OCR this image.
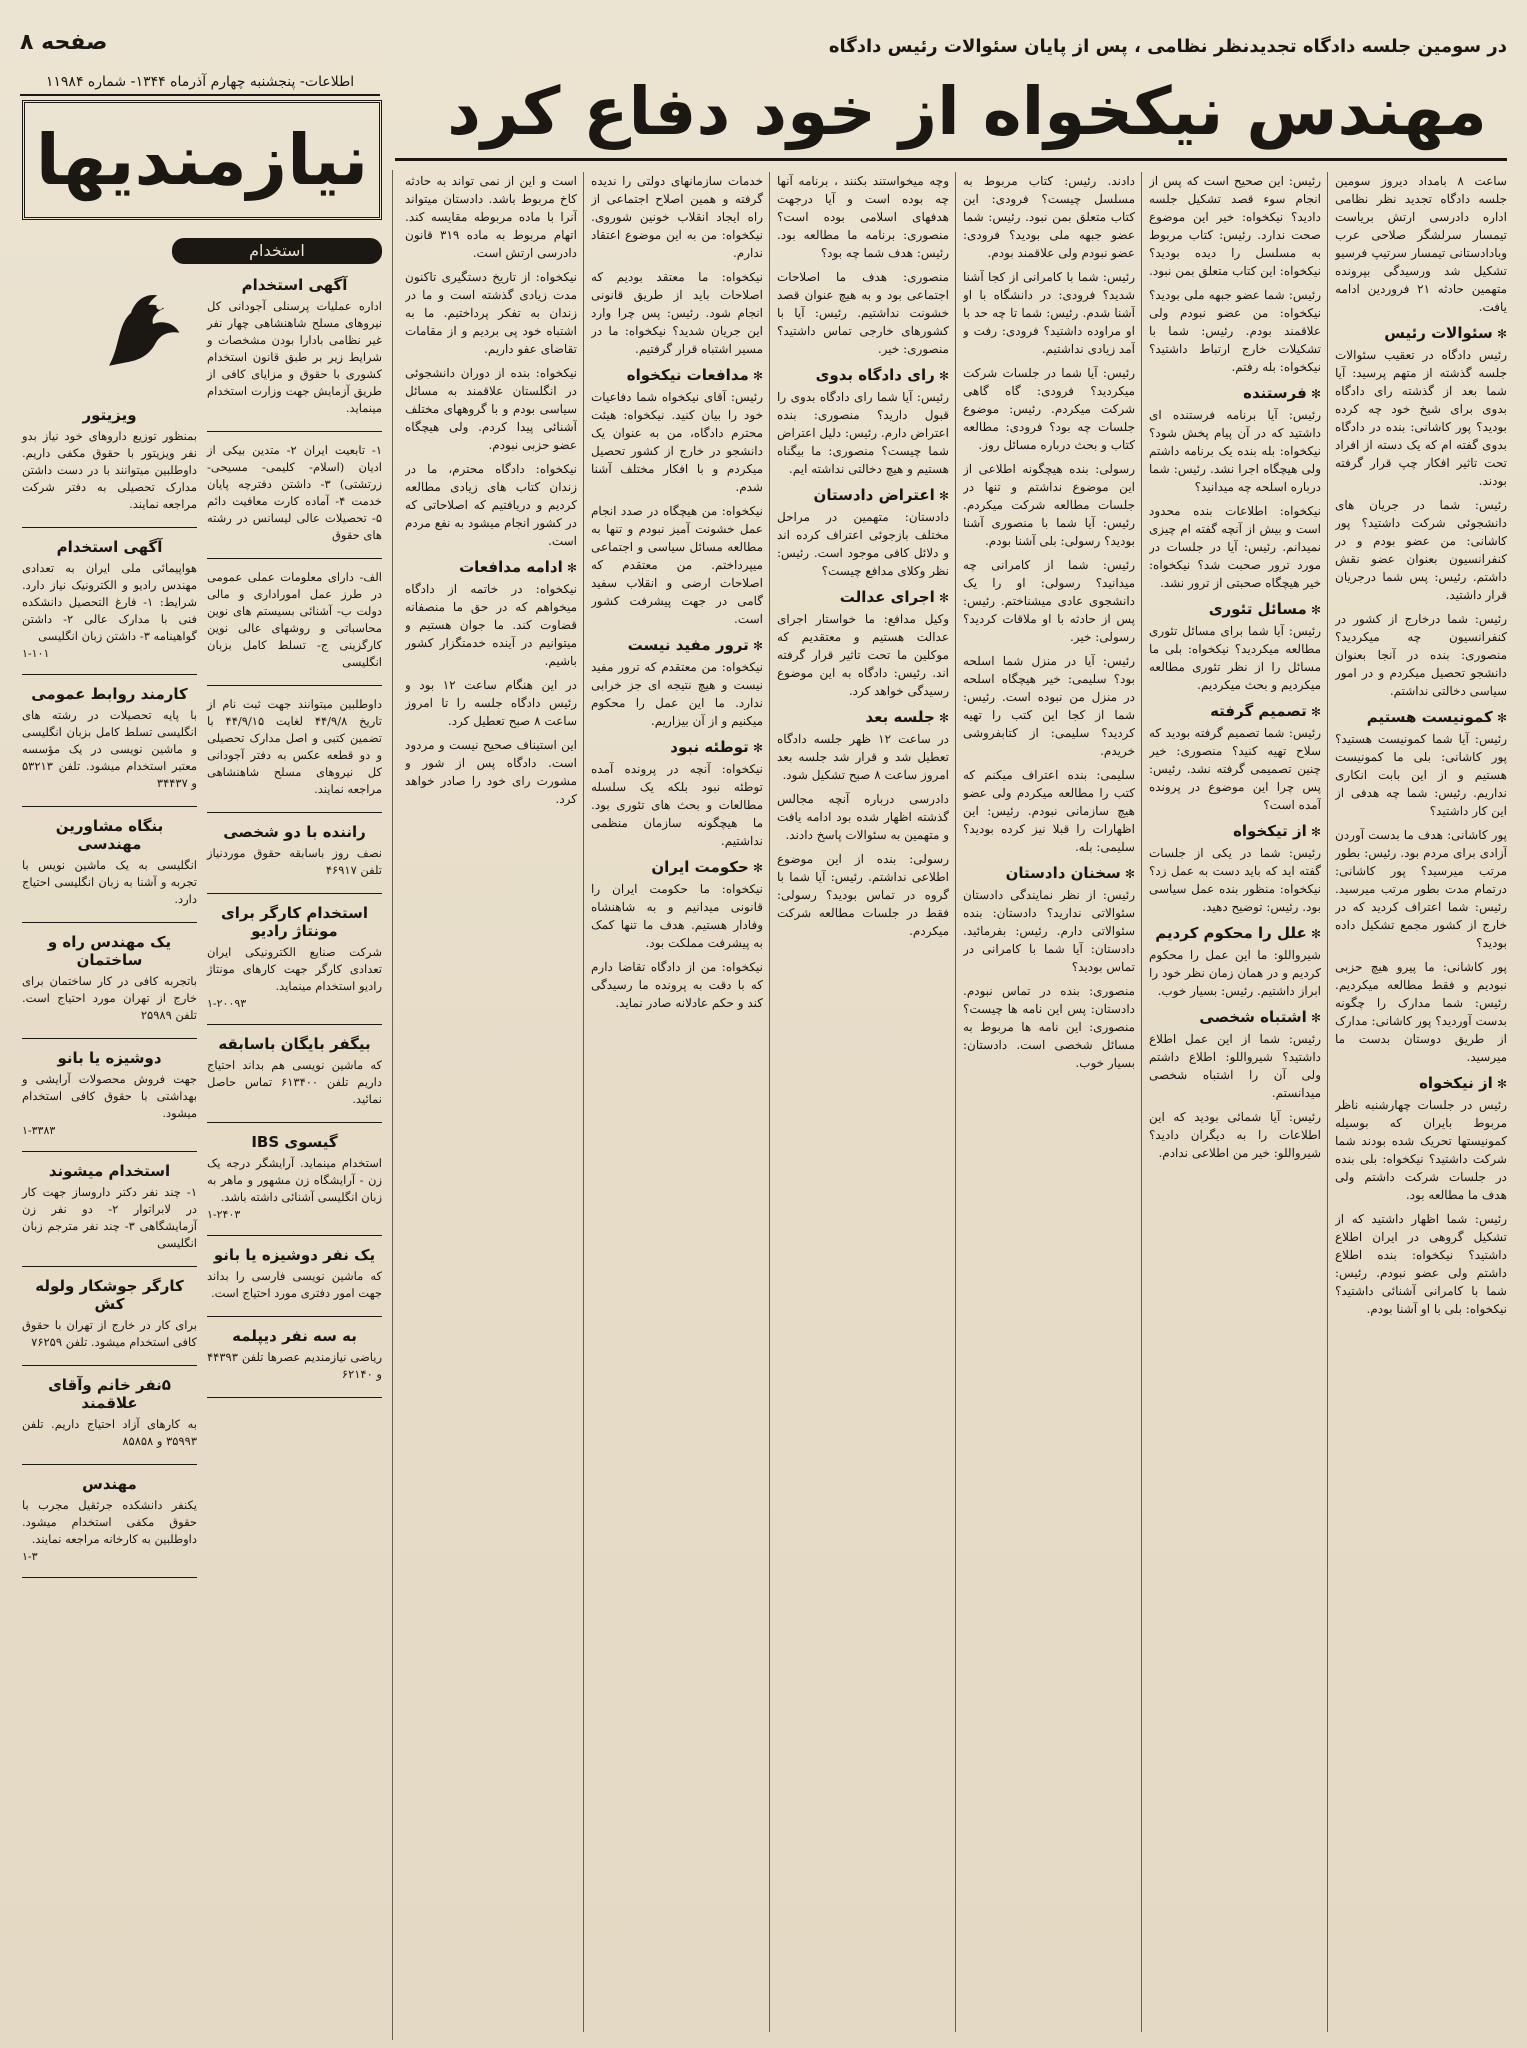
صفحه ۸
اطلاعات- پنجشنبه چهارم آذرماه ۱۳۴۴- شماره ۱۱۹۸۴
در سومین جلسه دادگاه تجدیدنظر نظامی ، پس از پایان سئوالات رئیس دادگاه
مهندس نیکخواه از خود دفاع کرد
نیازمندیها
استخدام
آگهی استخدام
اداره عملیات پرسنلی آجودانی کل نیروهای مسلح شاهنشاهی چهار نفر غیر نظامی بادارا بودن مشخصات و شرایط زیر بر طبق قانون استخدام کشوری با حقوق و مزایای کافی از طریق آزمایش جهت وزارت استخدام مینماید.
۱- تابعیت ایران ۲- متدین بیکی از ادیان (اسلام- کلیمی- مسیحی- زرتشتی) ۳- داشتن دفترچه پایان خدمت ۴- آماده کارت معافیت دائم ۵- تحصیلات عالی لیسانس در رشته های حقوق
الف- دارای معلومات عملی عمومی در طرز عمل اموراداری و مالی دولت ب- آشنائی بسیستم های نوین محاسباتی و روشهای عالی نوین کارگزینی ج- تسلط کامل بزبان انگلیسی
داوطلبین میتوانند جهت ثبت نام از تاریخ ۴۴/۹/۸ لغایت ۴۴/۹/۱۵ با تضمین کتبی و اصل مدارک تحصیلی و دو قطعه عکس به دفتر آجودانی کل نیروهای مسلح شاهنشاهی مراجعه نمایند.
راننده با دو شخصی
نصف روز باسابقه حقوق موردنیاز تلفن ۴۶۹۱۷
استخدام کارگر برای مونتاژ رادیو
شرکت صنایع الکترونیکی ایران تعدادی کارگر جهت کارهای مونتاژ رادیو استخدام مینماید.
۱-۲۰۰۹۳
بیگفر بایگان باسابقه
که ماشین نویسی هم بداند احتیاج داریم تلفن ۶۱۳۴۰۰ تماس حاصل نمائید.
گیسوی IBS
استخدام مینماید. آرایشگر درجه یک زن - آرایشگاه زن مشهور و ماهر به زبان انگلیسی آشنائی داشته باشد.
۱-۲۴۰۳
یک نفر دوشیزه یا بانو
که ماشین نویسی فارسی را بداند جهت امور دفتری مورد احتیاج است.
به سه نفر دیپلمه
ریاضی نیازمندیم عصرها تلفن ۴۴۳۹۳ و ۶۲۱۴۰
ویزیتور
بمنظور توزیع داروهای خود نیاز بدو نفر ویزیتور با حقوق مکفی داریم. داوطلبین میتوانند با در دست داشتن مدارک تحصیلی به دفتر شرکت مراجعه نمایند.
آگهی استخدام
هواپیمائی ملی ایران به تعدادی مهندس رادیو و الکترونیک نیاز دارد. شرایط: ۱- فارغ التحصیل دانشکده فنی با مدارک عالی ۲- داشتن گواهینامه ۳- داشتن زبان انگلیسی
۱-۱۰۱
کارمند روابط عمومی
با پایه تحصیلات در رشته های انگلیسی تسلط کامل بزبان انگلیسی و ماشین نویسی در یک مؤسسه معتبر استخدام میشود. تلفن ۵۳۲۱۳ و ۳۴۴۳۷
بنگاه مشاورین مهندسی
انگلیسی به یک ماشین نویس با تجربه و آشنا به زبان انگلیسی احتیاج دارد.
یک مهندس راه و ساختمان
باتجربه کافی در کار ساختمان برای خارج از تهران مورد احتیاج است. تلفن ۲۵۹۸۹
دوشیزه یا بانو
جهت فروش محصولات آرایشی و بهداشتی با حقوق کافی استخدام میشود.
۱-۳۳۸۳
استخدام میشوند
۱- چند نفر دکتر داروساز جهت کار در لابراتوار ۲- دو نفر زن آزمایشگاهی ۳- چند نفر مترجم زبان انگلیسی
کارگر جوشکار ولوله کش
برای کار در خارج از تهران با حقوق کافی استخدام میشود. تلفن ۷۶۲۵۹
۵نفر خانم وآقای علاقمند
به کارهای آزاد احتیاج داریم. تلفن ۳۵۹۹۳ و ۸۵۸۵۸
مهندس
یکنفر دانشکده جرثقیل مجرب با حقوق مکفی استخدام میشود. داوطلبین به کارخانه مراجعه نمایند.
۱-۳
ساعت ۸ بامداد دیروز سومین جلسه دادگاه تجدید نظر نظامی اداره دادرسی ارتش بریاست تیمسار سرلشگر صلاحی عرب وبادادستانی تیمسار سرتیپ فرسیو تشکیل شد ورسیدگی بپرونده متهمین حادثه ۲۱ فروردین ادامه یافت.
✻ سئوالات رئیس
رئیس دادگاه در تعقیب سئوالات جلسه گذشته از متهم پرسید: آیا شما بعد از گذشته رای دادگاه بدوی برای شیخ خود چه کرده بودید؟ پور کاشانی: بنده در دادگاه بدوی گفته ام که یک دسته از افراد تحت تاثیر افکار چپ قرار گرفته بودند.
رئیس: شما در جریان های دانشجوئی شرکت داشتید؟ پور کاشانی: من عضو بودم و در کنفرانسیون بعنوان عضو نقش داشتم. رئیس: پس شما درجریان قرار داشتید.
رئیس: شما درخارج از کشور در کنفرانسیون چه میکردید؟ منصوری: بنده در آنجا بعنوان دانشجو تحصیل میکردم و در امور سیاسی دخالتی نداشتم.
✻ کمونیست هستیم
رئیس: آیا شما کمونیست هستید؟ پور کاشانی: بلی ما کمونیست هستیم و از این بابت انکاری نداریم. رئیس: شما چه هدفی از این کار داشتید؟
پور کاشانی: هدف ما بدست آوردن آزادی برای مردم بود. رئیس: بطور مرتب میرسید؟ پور کاشانی: درتمام مدت بطور مرتب میرسید. رئیس: شما اعتراف کردید که در خارج از کشور مجمع تشکیل داده بودید؟
پور کاشانی: ما پیرو هیچ حزبی نبودیم و فقط مطالعه میکردیم. رئیس: شما مدارک را چگونه بدست آوردید؟ پور کاشانی: مدارک از طریق دوستان بدست ما میرسید.
✻ از نیکخواه
رئیس در جلسات چهارشنبه ناظر مربوط بایران که بوسیله کمونیستها تحریک شده بودند شما شرکت داشتید؟ نیکخواه: بلی بنده در جلسات شرکت داشتم ولی هدف ما مطالعه بود.
رئیس: شما اظهار داشتید که از تشکیل گروهی در ایران اطلاع داشتید؟ نیکخواه: بنده اطلاع داشتم ولی عضو نبودم. رئیس: شما با کامرانی آشنائی داشتید؟ نیکخواه: بلی با او آشنا بودم.
رئیس: این صحیح است که پس از انجام سوء قصد تشکیل جلسه دادید؟ نیکخواه: خیر این موضوع صحت ندارد. رئیس: کتاب مربوط به مسلسل را دیده بودید؟ نیکخواه: این کتاب متعلق بمن نبود.
رئیس: شما عضو جبهه ملی بودید؟ نیکخواه: من عضو نبودم ولی علاقمند بودم. رئیس: شما با تشکیلات خارج ارتباط داشتید؟ نیکخواه: بله رفتم.
✻ فرستنده
رئیس: آیا برنامه فرستنده ای داشتید که در آن پیام پخش شود؟ نیکخواه: بله بنده یک برنامه داشتم ولی هیچگاه اجرا نشد. رئیس: شما درباره اسلحه چه میدانید؟
نیکخواه: اطلاعات بنده محدود است و بیش از آنچه گفته ام چیزی نمیدانم. رئیس: آیا در جلسات در مورد ترور صحبت شد؟ نیکخواه: خیر هیچگاه صحبتی از ترور نشد.
✻ مسائل تئوری
رئیس: آیا شما برای مسائل تئوری مطالعه میکردید؟ نیکخواه: بلی ما مسائل را از نظر تئوری مطالعه میکردیم و بحث میکردیم.
✻ تصمیم گرفته
رئیس: شما تصمیم گرفته بودید که سلاح تهیه کنید؟ منصوری: خیر چنین تصمیمی گرفته نشد. رئیس: پس چرا این موضوع در پرونده آمده است؟
✻ از تیکخواه
رئیس: شما در یکی از جلسات گفته اید که باید دست به عمل زد؟ نیکخواه: منظور بنده عمل سیاسی بود. رئیس: توضیح دهید.
✻ علل را محکوم کردیم
شیرواللو: ما این عمل را محکوم کردیم و در همان زمان نظر خود را ابراز داشتیم. رئیس: بسیار خوب.
✻ اشتباه شخصی
رئیس: شما از این عمل اطلاع داشتید؟ شیرواللو: اطلاع داشتم ولی آن را اشتباه شخصی میدانستم.
رئیس: آیا شمائی بودید که این اطلاعات را به دیگران دادید؟ شیرواللو: خیر من اطلاعی ندادم.
دادند. رئیس: کتاب مربوط به مسلسل چیست؟ فرودی: این کتاب متعلق بمن نبود. رئیس: شما عضو جبهه ملی بودید؟ فرودی: عضو نبودم ولی علاقمند بودم.
رئیس: شما با کامرانی از کجا آشنا شدید؟ فرودی: در دانشگاه با او آشنا شدم. رئیس: شما تا چه حد با او مراوده داشتید؟ فرودی: رفت و آمد زیادی نداشتیم.
رئیس: آیا شما در جلسات شرکت میکردید؟ فرودی: گاه گاهی شرکت میکردم. رئیس: موضوع جلسات چه بود؟ فرودی: مطالعه کتاب و بحث درباره مسائل روز.
رسولی: بنده هیچگونه اطلاعی از این موضوع نداشتم و تنها در جلسات مطالعه شرکت میکردم. رئیس: آیا شما با منصوری آشنا بودید؟ رسولی: بلی آشنا بودم.
رئیس: شما از کامرانی چه میدانید؟ رسولی: او را یک دانشجوی عادی میشناختم. رئیس: پس از حادثه با او ملاقات کردید؟ رسولی: خیر.
رئیس: آیا در منزل شما اسلحه بود؟ سلیمی: خیر هیچگاه اسلحه در منزل من نبوده است. رئیس: شما از کجا این کتب را تهیه کردید؟ سلیمی: از کتابفروشی خریدم.
سلیمی: بنده اعتراف میکنم که کتب را مطالعه میکردم ولی عضو هیچ سازمانی نبودم. رئیس: این اظهارات را قبلا نیز کرده بودید؟ سلیمی: بله.
✻ سخنان دادستان
رئیس: از نظر نمایندگی دادستان سئوالاتی ندارید؟ دادستان: بنده سئوالاتی دارم. رئیس: بفرمائید. دادستان: آیا شما با کامرانی در تماس بودید؟
منصوری: بنده در تماس نبودم. دادستان: پس این نامه ها چیست؟ منصوری: این نامه ها مربوط به مسائل شخصی است. دادستان: بسیار خوب.
وچه میخواستند بکنند ، برنامه آنها چه بوده است و آیا درجهت هدفهای اسلامی بوده است؟ منصوری: برنامه ما مطالعه بود. رئیس: هدف شما چه بود؟
منصوری: هدف ما اصلاحات اجتماعی بود و به هیچ عنوان قصد خشونت نداشتیم. رئیس: آیا با کشورهای خارجی تماس داشتید؟ منصوری: خیر.
✻ رای دادگاه بدوی
رئیس: آیا شما رای دادگاه بدوی را قبول دارید؟ منصوری: بنده اعتراض دارم. رئیس: دلیل اعتراض شما چیست؟ منصوری: ما بیگناه هستیم و هیچ دخالتی نداشته ایم.
✻ اعتراض دادستان
دادستان: متهمین در مراحل مختلف بازجوئی اعتراف کرده اند و دلائل کافی موجود است. رئیس: نظر وکلای مدافع چیست؟
✻ اجرای عدالت
وکیل مدافع: ما خواستار اجرای عدالت هستیم و معتقدیم که موکلین ما تحت تاثیر قرار گرفته اند. رئیس: دادگاه به این موضوع رسیدگی خواهد کرد.
✻ جلسه بعد
در ساعت ۱۲ ظهر جلسه دادگاه تعطیل شد و قرار شد جلسه بعد امروز ساعت ۸ صبح تشکیل شود.
دادرسی درباره آنچه مجالس گذشته اظهار شده بود ادامه یافت و متهمین به سئوالات پاسخ دادند.
رسولی: بنده از این موضوع اطلاعی نداشتم. رئیس: آیا شما با گروه در تماس بودید؟ رسولی: فقط در جلسات مطالعه شرکت میکردم.
خدمات سازمانهای دولتی را ندیده گرفته و همین اصلاح اجتماعی از راه ایجاد انقلاب خونین شوروی. نیکخواه: من به این موضوع اعتقاد ندارم.
نیکخواه: ما معتقد بودیم که اصلاحات باید از طریق قانونی انجام شود. رئیس: پس چرا وارد این جریان شدید؟ نیکخواه: ما در مسیر اشتباه قرار گرفتیم.
✻ مدافعات نیکخواه
رئیس: آقای نیکخواه شما دفاعیات خود را بیان کنید. نیکخواه: هیئت محترم دادگاه، من به عنوان یک دانشجو در خارج از کشور تحصیل میکردم و با افکار مختلف آشنا شدم.
نیکخواه: من هیچگاه در صدد انجام عمل خشونت آمیز نبودم و تنها به مطالعه مسائل سیاسی و اجتماعی میپرداختم. من معتقدم که اصلاحات ارضی و انقلاب سفید گامی در جهت پیشرفت کشور است.
✻ ترور مفید نیست
نیکخواه: من معتقدم که ترور مفید نیست و هیچ نتیجه ای جز خرابی ندارد. ما این عمل را محکوم میکنیم و از آن بیزاریم.
✻ توطئه نبود
نیکخواه: آنچه در پرونده آمده توطئه نبود بلکه یک سلسله مطالعات و بحث های تئوری بود. ما هیچگونه سازمان منظمی نداشتیم.
✻ حکومت ایران
نیکخواه: ما حکومت ایران را قانونی میدانیم و به شاهنشاه وفادار هستیم. هدف ما تنها کمک به پیشرفت مملکت بود.
نیکخواه: من از دادگاه تقاضا دارم که با دقت به پرونده ما رسیدگی کند و حکم عادلانه صادر نماید.
است و این از نمی تواند به حادثه کاخ مربوط باشد. دادستان میتواند آنرا با ماده مربوطه مقایسه کند. اتهام مربوط به ماده ۳۱۹ قانون دادرسی ارتش است.
نیکخواه: از تاریخ دستگیری تاکنون مدت زیادی گذشته است و ما در زندان به تفکر پرداختیم. ما به اشتباه خود پی بردیم و از مقامات تقاضای عفو داریم.
نیکخواه: بنده از دوران دانشجوئی در انگلستان علاقمند به مسائل سیاسی بودم و با گروههای مختلف آشنائی پیدا کردم. ولی هیچگاه عضو حزبی نبودم.
نیکخواه: دادگاه محترم، ما در زندان کتاب های زیادی مطالعه کردیم و دریافتیم که اصلاحاتی که در کشور انجام میشود به نفع مردم است.
✻ ادامه مدافعات
نیکخواه: در خاتمه از دادگاه میخواهم که در حق ما منصفانه قضاوت کند. ما جوان هستیم و میتوانیم در آینده خدمتگزار کشور باشیم.
در این هنگام ساعت ۱۲ بود و رئیس دادگاه جلسه را تا امروز ساعت ۸ صبح تعطیل کرد.
این استیناف صحیح نیست و مردود است. دادگاه پس از شور و مشورت رای خود را صادر خواهد کرد.
